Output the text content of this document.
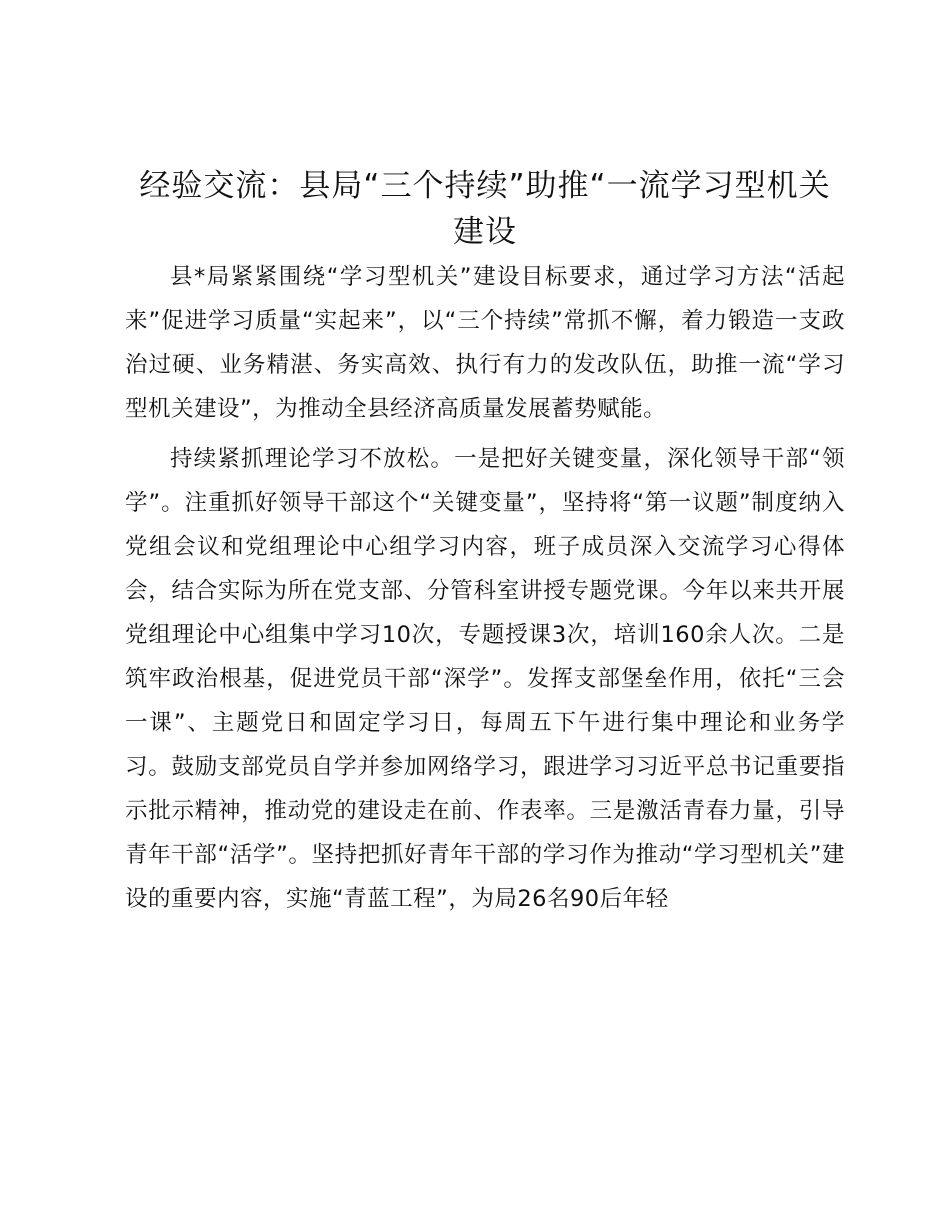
经验交流：县局“三个持续”助推“一流学习型机关建设

县*局紧紧围绕“学习型机关”建设目标要求，通过学习方法“活起来”促进学习质量“实起来”，以“三个持续”常抓不懈，着力锻造一支政治过硬、业务精湛、务实高效、执行有力的发改队伍，助推一流“学习型机关建设”，为推动全县经济高质量发展蓄势赋能。

持续紧抓理论学习不放松。一是把好关键变量，深化领导干部“领学”。注重抓好领导干部这个“关键变量”，坚持将“第一议题”制度纳入党组会议和党组理论中心组学习内容，班子成员深入交流学习心得体会，结合实际为所在党支部、分管科室讲授专题党课。今年以来共开展党组理论中心组集中学习10次，专题授课3次，培训160余人次。二是筑牢政治根基，促进党员干部“深学”。发挥支部堡垒作用，依托“三会一课”、主题党日和固定学习日，每周五下午进行集中理论和业务学习。鼓励支部党员自学并参加网络学习，跟进学习习近平总书记重要指示批示精神，推动党的建设走在前、作表率。三是激活青春力量，引导青年干部“活学”。坚持把抓好青年干部的学习作为推动“学习型机关”建设的重要内容，实施“青蓝工程”，为局26名90后年轻
